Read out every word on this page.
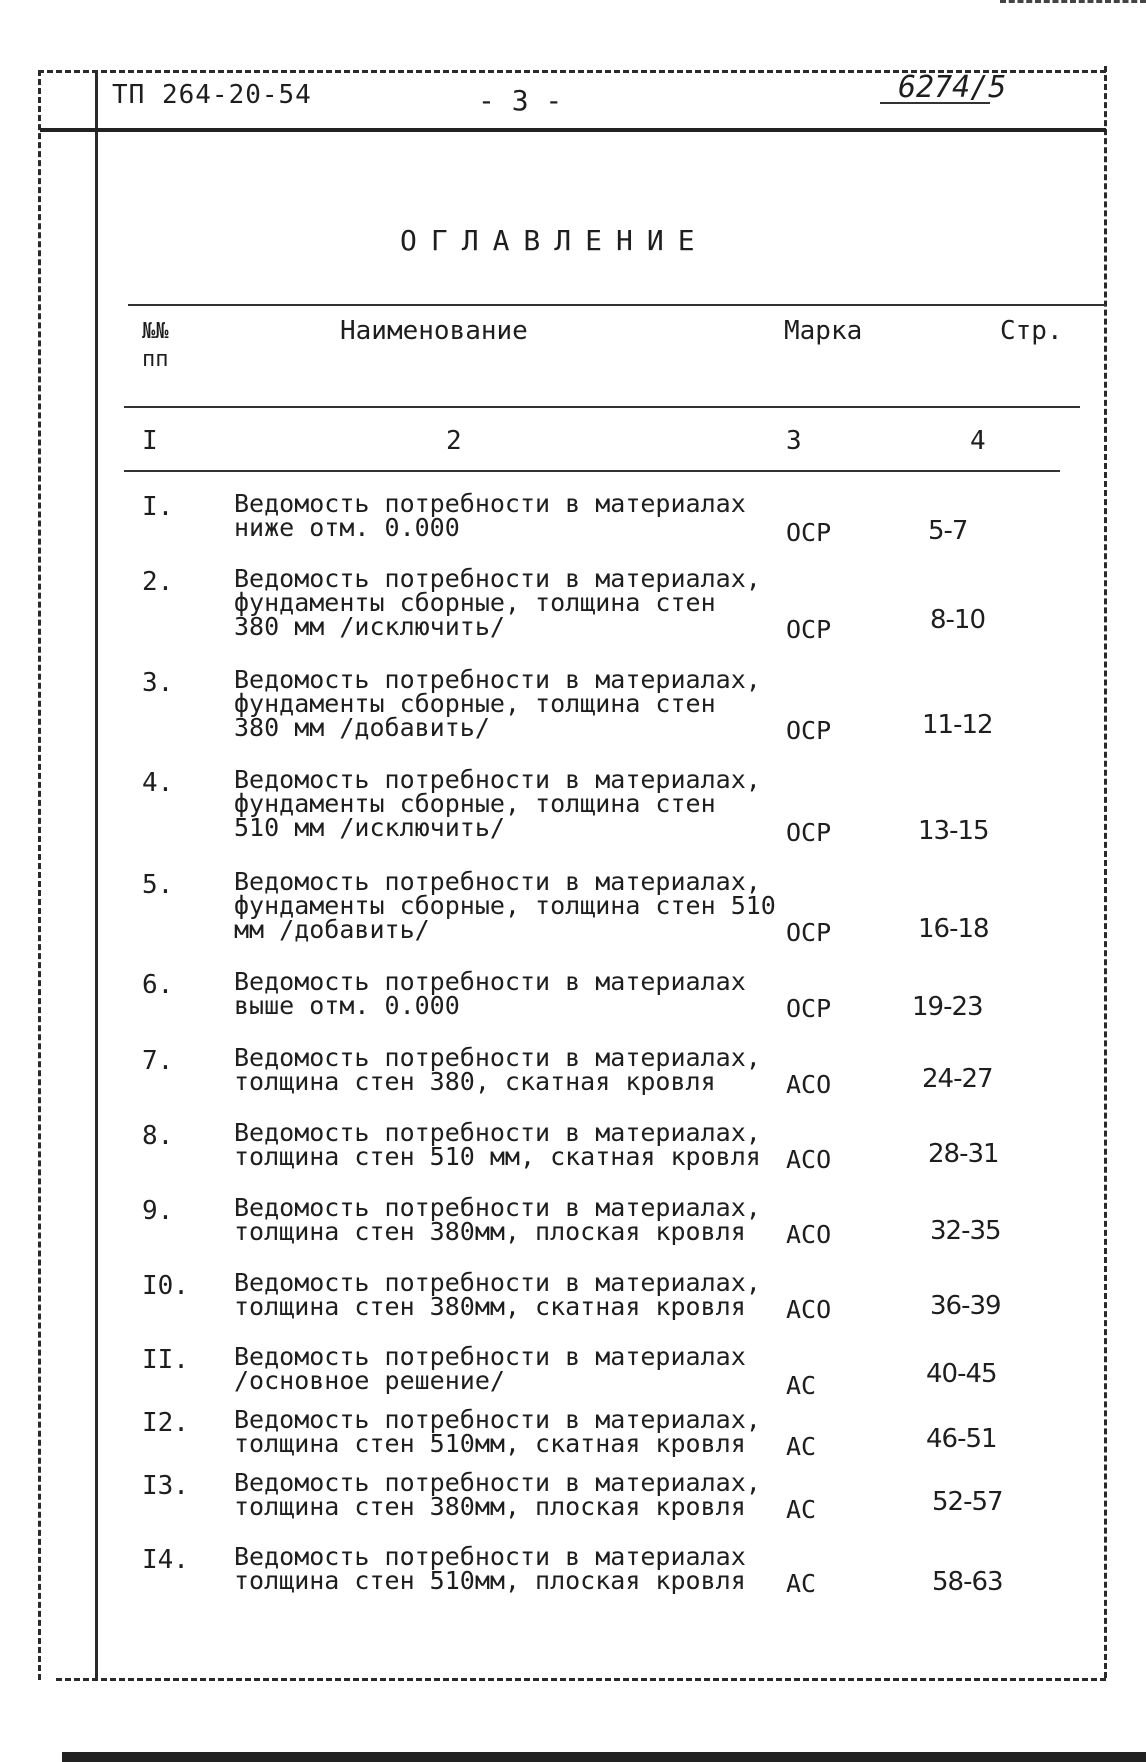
ТП 264-20-54	- 3 -	6274/5
ОГЛАВЛЕНИЕ
№№ пп
Наименование	Марка	Стр.
I	2	3	4
I. Ведомость потребности в материалах
ниже отм. 0.000	ОСР	5-7
2. Ведомость потребности в материалах,
фундаменты сборные, толщина стен
380 мм /исключить/	ОСР	8-10
3. Ведомость потребности в материалах,
фундаменты сборные, толщина стен
380 мм /добавить/	ОСР	11-12
4. Ведомость потребности в материалах,
фундаменты сборные, толщина стен
510 мм /исключить/	ОСР	13-15
5. Ведомость потребности в материалах,
фундаменты сборные, толщина стен 510
мм /добавить/	ОСР	16-18
6. Ведомость потребности в материалах
выше отм. 0.000	ОСР	19-23
7. Ведомость потребности в материалах,
толщина стен 380, скатная кровля	АСО	24-27
8. Ведомость потребности в материалах,
толщина стен 510 мм, скатная кровля	АСО	28-31
9. Ведомость потребности в материалах,
толщина стен 380мм, плоская кровля	АСО	32-35
I0. Ведомость потребности в материалах,
толщина стен 380мм, скатная кровля	АСО	36-39
II. Ведомость потребности в материалах
/основное решение/	АС	40-45
I2. Ведомость потребности в материалах,
толщина стен 510мм, скатная кровля	АС	46-51
I3. Ведомость потребности в материалах,
толщина стен 380мм, плоская кровля	АС	52-57
I4. Ведомость потребности в материалах
толщина стен 510мм, плоская кровля	АС	58-63
